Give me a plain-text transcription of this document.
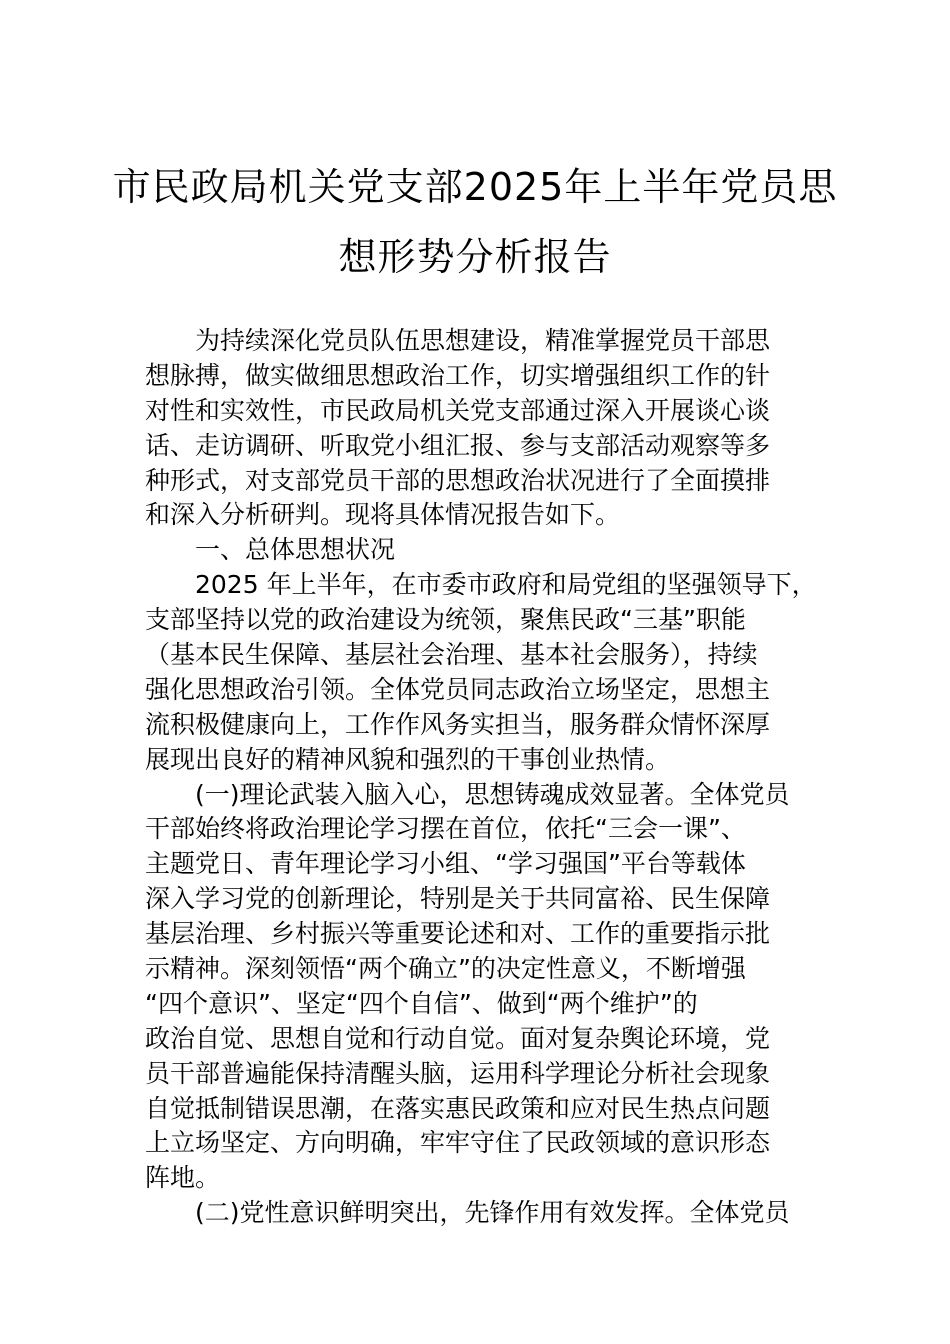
市民政局机关党支部2025年上半年党员思
想形势分析报告
为持续深化党员队伍思想建设，精准掌握党员干部思
想脉搏，做实做细思想政治工作，切实增强组织工作的针
对性和实效性，市民政局机关党支部通过深入开展谈心谈
话、走访调研、听取党小组汇报、参与支部活动观察等多
种形式，对支部党员干部的思想政治状况进行了全面摸排
和深入分析研判。现将具体情况报告如下。
一、总体思想状况
2025 年上半年，在市委市政府和局党组的坚强领导下，
支部坚持以党的政治建设为统领，聚焦民政“三基”职能
（基本民生保障、基层社会治理、基本社会服务），持续
强化思想政治引领。全体党员同志政治立场坚定，思想主
流积极健康向上，工作作风务实担当，服务群众情怀深厚
展现出良好的精神风貌和强烈的干事创业热情。
(一)理论武装入脑入心，思想铸魂成效显著。全体党员
干部始终将政治理论学习摆在首位，依托“三会一课”、
主题党日、青年理论学习小组、“学习强国”平台等载体
深入学习党的创新理论，特别是关于共同富裕、民生保障
基层治理、乡村振兴等重要论述和对、工作的重要指示批
示精神。深刻领悟“两个确立”的决定性意义，不断增强
“四个意识”、坚定“四个自信”、做到“两个维护”的
政治自觉、思想自觉和行动自觉。面对复杂舆论环境，党
员干部普遍能保持清醒头脑，运用科学理论分析社会现象
自觉抵制错误思潮，在落实惠民政策和应对民生热点问题
上立场坚定、方向明确，牢牢守住了民政领域的意识形态
阵地。
(二)党性意识鲜明突出，先锋作用有效发挥。全体党员
